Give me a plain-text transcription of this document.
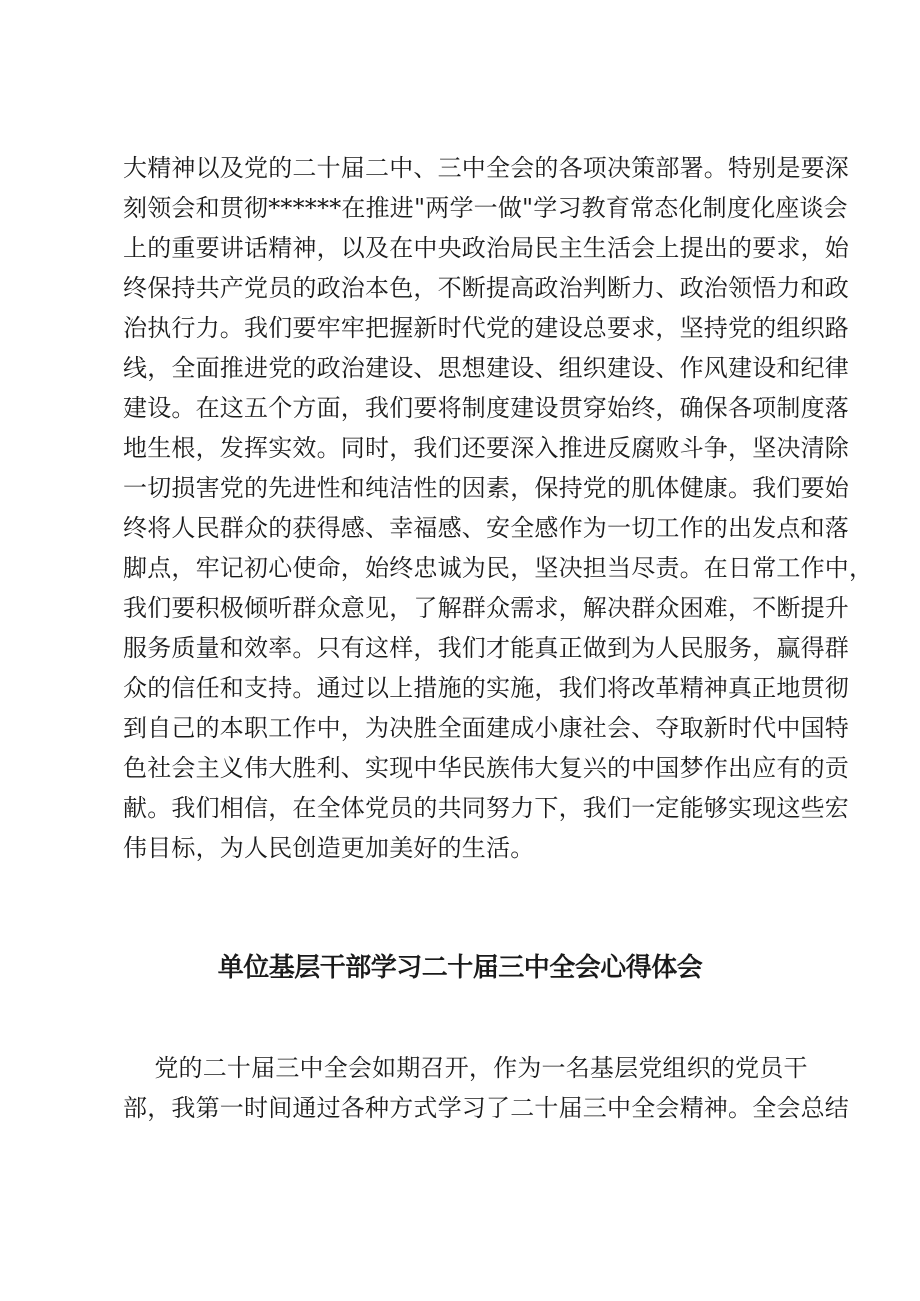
大精神以及党的二十届二中、三中全会的各项决策部署。特别是要深
刻领会和贯彻******在推进"两学一做"学习教育常态化制度化座谈会
上的重要讲话精神，以及在中央政治局民主生活会上提出的要求，始
终保持共产党员的政治本色，不断提高政治判断力、政治领悟力和政
治执行力。我们要牢牢把握新时代党的建设总要求，坚持党的组织路
线，全面推进党的政治建设、思想建设、组织建设、作风建设和纪律
建设。在这五个方面，我们要将制度建设贯穿始终，确保各项制度落
地生根，发挥实效。同时，我们还要深入推进反腐败斗争，坚决清除
一切损害党的先进性和纯洁性的因素，保持党的肌体健康。我们要始
终将人民群众的获得感、幸福感、安全感作为一切工作的出发点和落
脚点，牢记初心使命，始终忠诚为民，坚决担当尽责。在日常工作中，
我们要积极倾听群众意见，了解群众需求，解决群众困难，不断提升
服务质量和效率。只有这样，我们才能真正做到为人民服务，赢得群
众的信任和支持。通过以上措施的实施，我们将改革精神真正地贯彻
到自己的本职工作中，为决胜全面建成小康社会、夺取新时代中国特
色社会主义伟大胜利、实现中华民族伟大复兴的中国梦作出应有的贡
献。我们相信，在全体党员的共同努力下，我们一定能够实现这些宏
伟目标，为人民创造更加美好的生活。
单位基层干部学习二十届三中全会心得体会
党的二十届三中全会如期召开，作为一名基层党组织的党员干
部，我第一时间通过各种方式学习了二十届三中全会精神。全会总结
